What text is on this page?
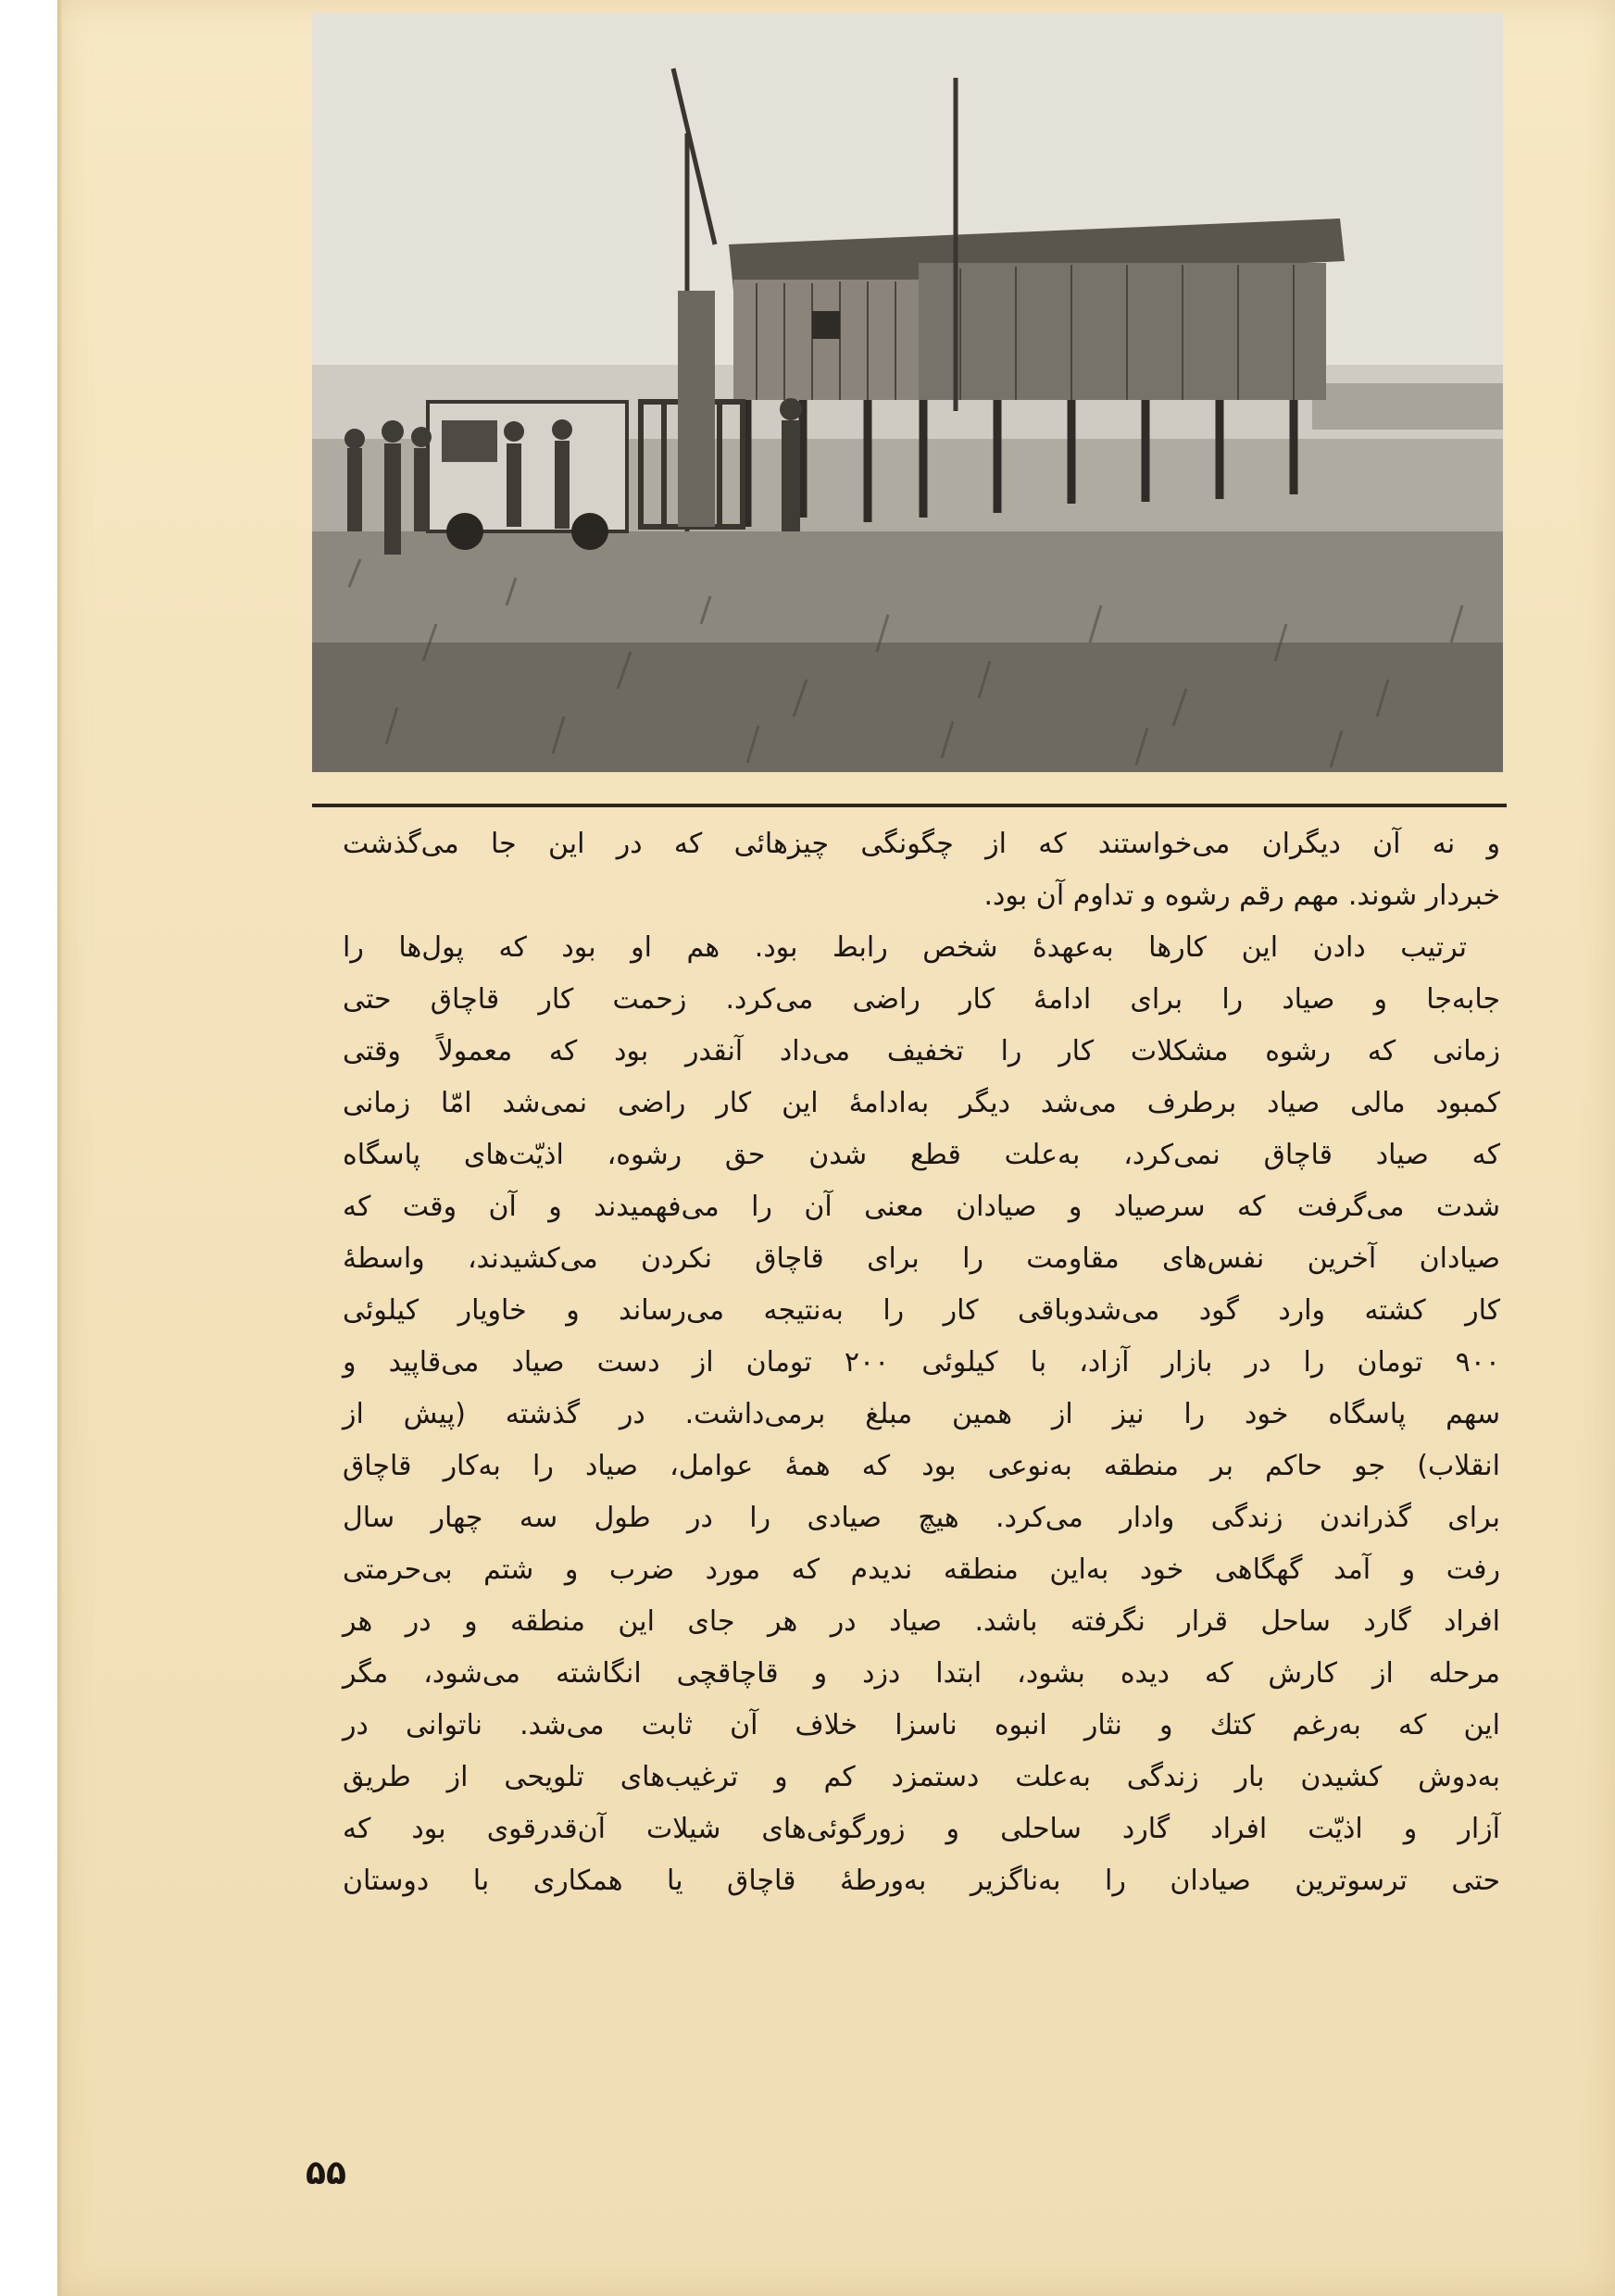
و نه آن دیگران می‌خواستند که از چگونگی چیزهائی که در این جا می‌گذشت
خبردار شوند. مهم رقم رشوه و تداوم آن بود.
ترتیب دادن این کارها به‌عهدهٔ شخص رابط بود. هم او بود که پول‌ها را
جابه‌جا و صیاد را برای ادامهٔ کار راضی می‌کرد. زحمت کار قاچاق حتی
زمانی که رشوه مشکلات کار را تخفیف می‌داد آنقدر بود که معمولاً وقتی
کمبود مالی صیاد برطرف می‌شد دیگر به‌ادامهٔ این کار راضی نمی‌شد امّا زمانی
که صیاد قاچاق نمی‌کرد، به‌علت قطع شدن حق رشوه، اذیّت‌های پاسگاه
شدت می‌گرفت که سرصیاد و صیادان معنی آن را می‌فهمیدند و آن وقت که
صیادان آخرین نفس‌های مقاومت را برای قاچاق نکردن می‌کشیدند، واسطهٔ
کار کشته وارد گود می‌شد‌وباقی کار را به‌نتیجه می‌رساند و خاویار کیلوئی
۹۰۰ تومان را در بازار آزاد، با کیلوئی ۲۰۰ تومان از دست صیاد می‌قاپید و
سهم پاسگاه خود را نیز از همین مبلغ برمی‌داشت. در گذشته (پیش از
انقلاب) جو حاکم بر منطقه به‌نوعی بود که همهٔ عوامل، صیاد را به‌کار قاچاق
برای گذراندن زندگی وادار می‌کرد. هیچ صیادی را در طول سه چهار سال
رفت و آمد گهگاهی خود به‌این منطقه ندیدم که مورد ضرب و شتم بی‌حرمتی
افراد گارد ساحل قرار نگرفته باشد. صیاد در هر جای این منطقه و در هر
مرحله از کارش که دیده بشود، ابتدا دزد و قاچاقچی انگاشته می‌شود، مگر
این که به‌رغم کتك و نثار انبوه ناسزا خلاف آن ثابت می‌شد. ناتوانی در
به‌دوش کشیدن بار زندگی به‌علت دستمزد کم و ترغیب‌های تلویحی از طریق
آزار و اذیّت افراد گارد ساحلی و زورگوئی‌های شیلات آن‌قدرقوی بود که
حتی ترسوترین صیادان را به‌ناگزیر به‌ورطهٔ قاچاق یا همکاری با دوستان
۵۵
